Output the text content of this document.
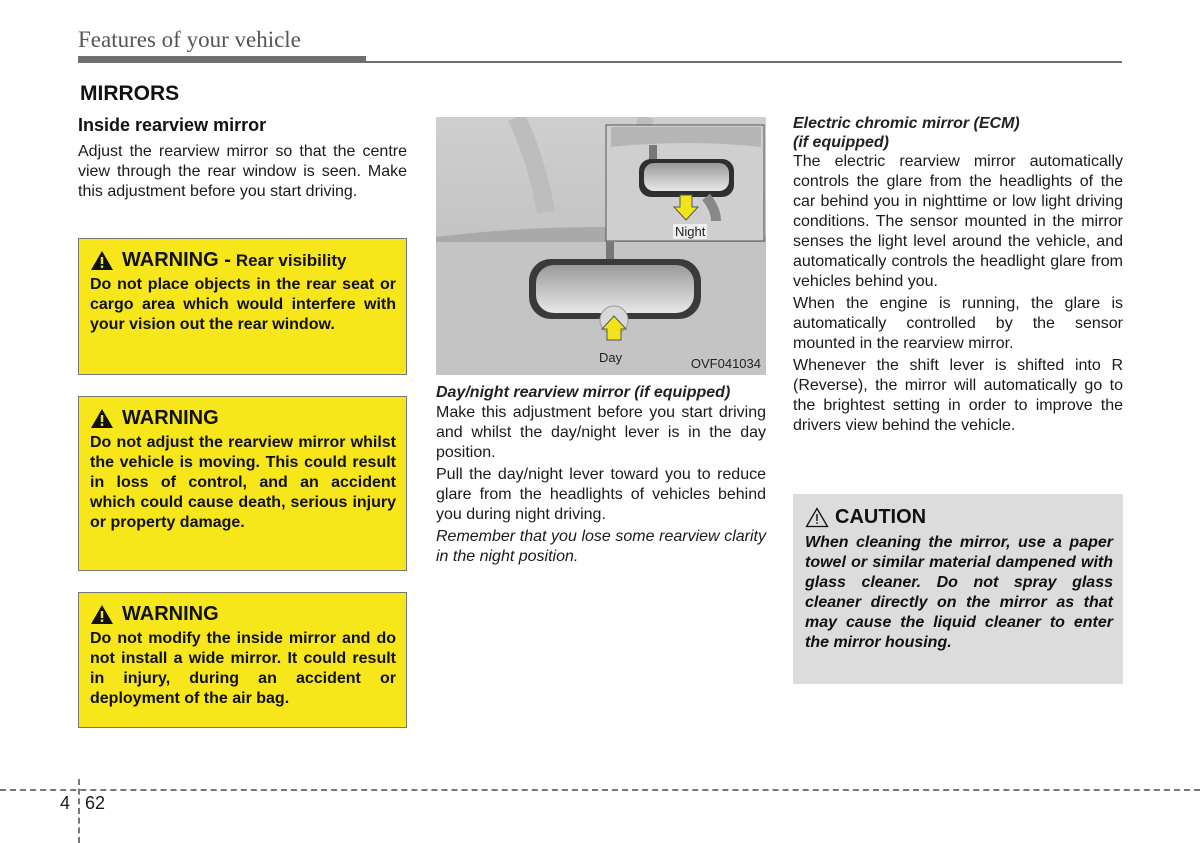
Features of your vehicle
MIRRORS
Inside rearview mirror

Adjust the rearview mirror so that the centre view through the rear window is seen. Make this adjustment before you start driving.

WARNING - Rear visibility
Do not place objects in the rear seat or cargo area which would interfere with your vision out the rear window.
WARNING
Do not adjust the rearview mirror whilst the vehicle is moving. This could result in loss of control, and an accident which could cause death, serious injury or property damage.
WARNING
Do not modify the inside mirror and do not install a wide mirror. It could result in injury, during an accident or deployment of the air bag.
Night
Day	OVF041034
Day/night rearview mirror (if equipped)

Make this adjustment before you start driving and whilst the day/night lever is in the day position.

Pull the day/night lever toward you to reduce glare from the headlights of vehicles behind you during night driving.

Remember that you lose some rearview clarity in the night position.

Electric chromic mirror (ECM)
(if equipped)

The electric rearview mirror automatically controls the glare from the headlights of the car behind you in nighttime or low light driving conditions. The sensor mounted in the mirror senses the light level around the vehicle, and automatically controls the headlight glare from vehicles behind you.

When the engine is running, the glare is automatically controlled by the sensor mounted in the rearview mirror.

Whenever the shift lever is shifted into R (Reverse), the mirror will automatically go to the brightest setting in order to improve the drivers view behind the vehicle.

CAUTION
When cleaning the mirror, use a paper towel or similar material dampened with glass cleaner. Do not spray glass cleaner directly on the mirror as that may cause the liquid cleaner to enter the mirror housing.
4 62
